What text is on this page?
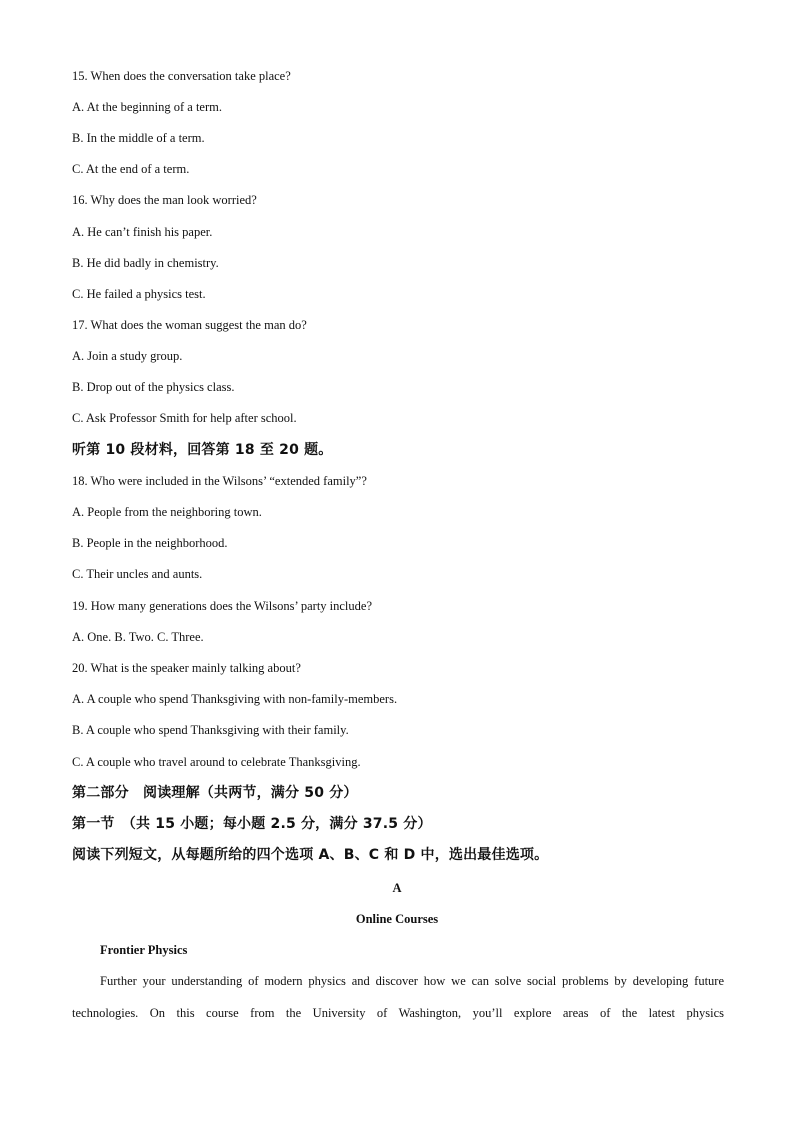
15. When does the conversation take place?
A. At the beginning of a term.
B. In the middle of a term.
C. At the end of a term.
16. Why does the man look worried?
A. He can’t finish his paper.
B. He did badly in chemistry.
C. He failed a physics test.
17. What does the woman suggest the man do?
A. Join a study group.
B. Drop out of the physics class.
C. Ask Professor Smith for help after school.
听第 10 段材料，回答第 18 至 20 题。
18. Who were included in the Wilsons’ “extended family”?
A. People from the neighboring town.
B. People in the neighborhood.
C. Their uncles and aunts.
19. How many generations does the Wilsons’ party include?
A. One. B. Two. C. Three.
20. What is the speaker mainly talking about?
A. A couple who spend Thanksgiving with non-family-members.
B. A couple who spend Thanksgiving with their family.
C. A couple who travel around to celebrate Thanksgiving.
第二部分　阅读理解（共两节，满分 50 分）
第一节　（共 15 小题；每小题 2.5 分，满分 37.5 分）
阅读下列短文，从每题所给的四个选项 A、B、C 和 D 中，选出最佳选项。
A
Online Courses
Frontier Physics
Further your understanding of modern physics and discover how we can solve social problems by developing future technologies. On this course from the University of Washington, you’ll explore areas of the latest physics
